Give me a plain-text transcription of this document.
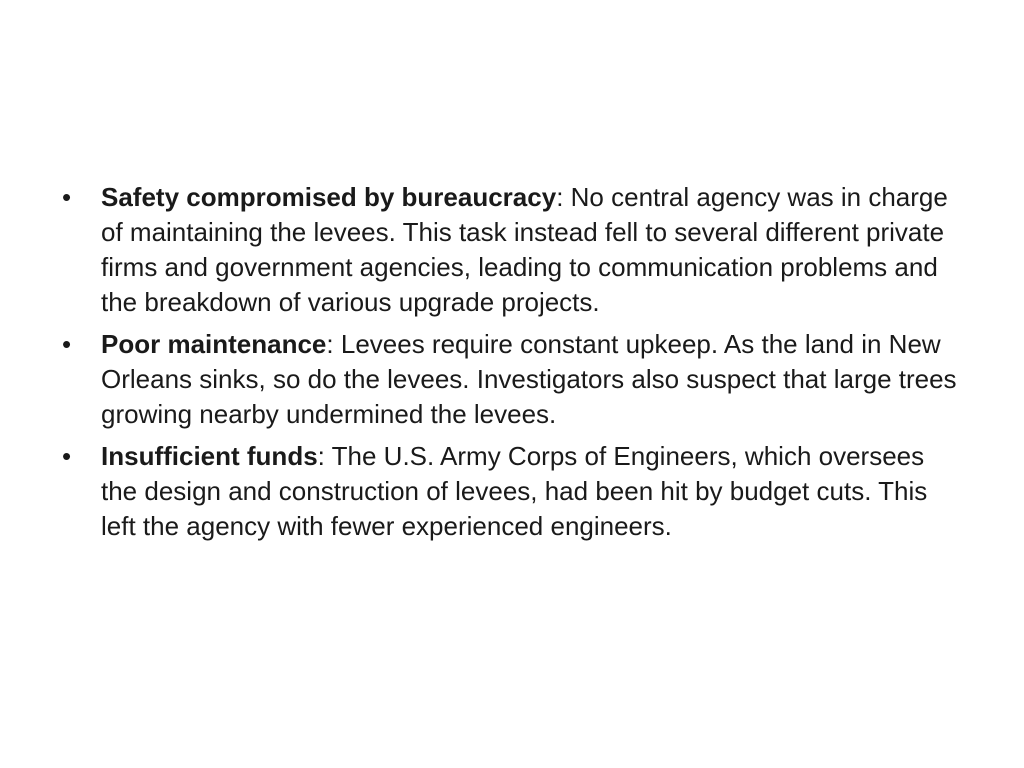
•	Safety compromised by bureaucracy: No central agency was in charge of maintaining the levees. This task instead fell to several different private firms and government agencies, leading to communication problems and the breakdown of various upgrade projects.
•	Poor maintenance: Levees require constant upkeep. As the land in New Orleans sinks, so do the levees. Investigators also suspect that large trees growing nearby undermined the levees.
•	Insufficient funds: The U.S. Army Corps of Engineers, which oversees the design and construction of levees, had been hit by budget cuts. This left the agency with fewer experienced engineers.
